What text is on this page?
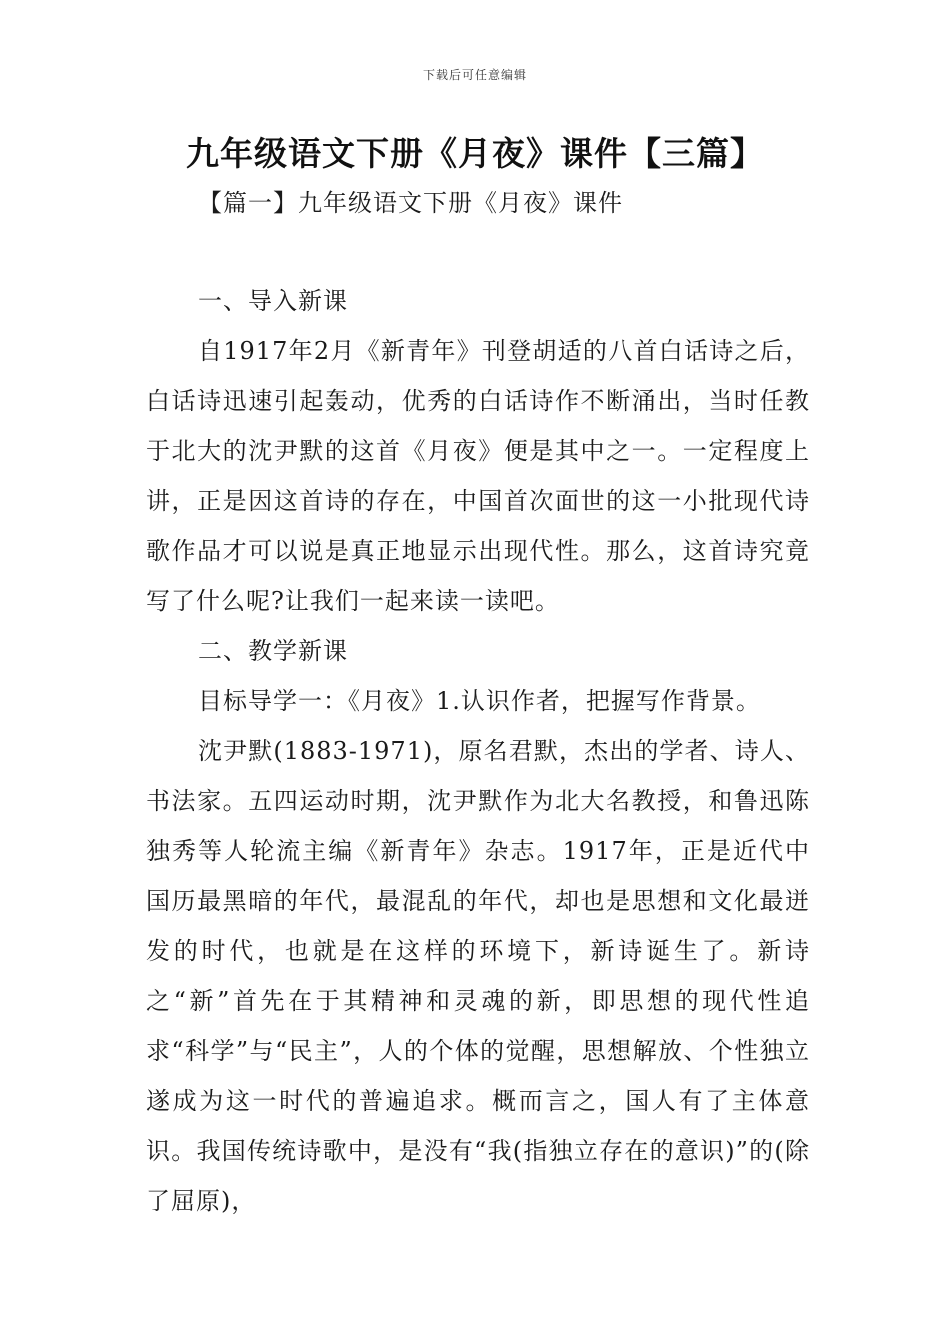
下载后可任意编辑
九年级语文下册《月夜》课件【三篇】
【篇一】九年级语文下册《月夜》课件

一、导入新课

自1917年2月《新青年》刊登胡适的八首白话诗之后，白话诗迅速引起轰动，优秀的白话诗作不断涌出，当时任教于北大的沈尹默的这首《月夜》便是其中之一。一定程度上讲，正是因这首诗的存在，中国首次面世的这一小批现代诗歌作品才可以说是真正地显示出现代性。那么，这首诗究竟写了什么呢?让我们一起来读一读吧。

二、教学新课

目标导学一：《月夜》1.认识作者，把握写作背景。

沈尹默(1883-1971)，原名君默，杰出的学者、诗人、书法家。五四运动时期，沈尹默作为北大名教授，和鲁迅陈独秀等人轮流主编《新青年》杂志。1917年，正是近代中国历最黑暗的年代，最混乱的年代，却也是思想和文化最迸发的时代，也就是在这样的环境下，新诗诞生了。新诗之“新”首先在于其精神和灵魂的新，即思想的现代性追求“科学”与“民主”，人的个体的觉醒，思想解放、个性独立遂成为这一时代的普遍追求。概而言之，国人有了主体意识。我国传统诗歌中，是没有“我(指独立存在的意识)”的(除了屈原)，
